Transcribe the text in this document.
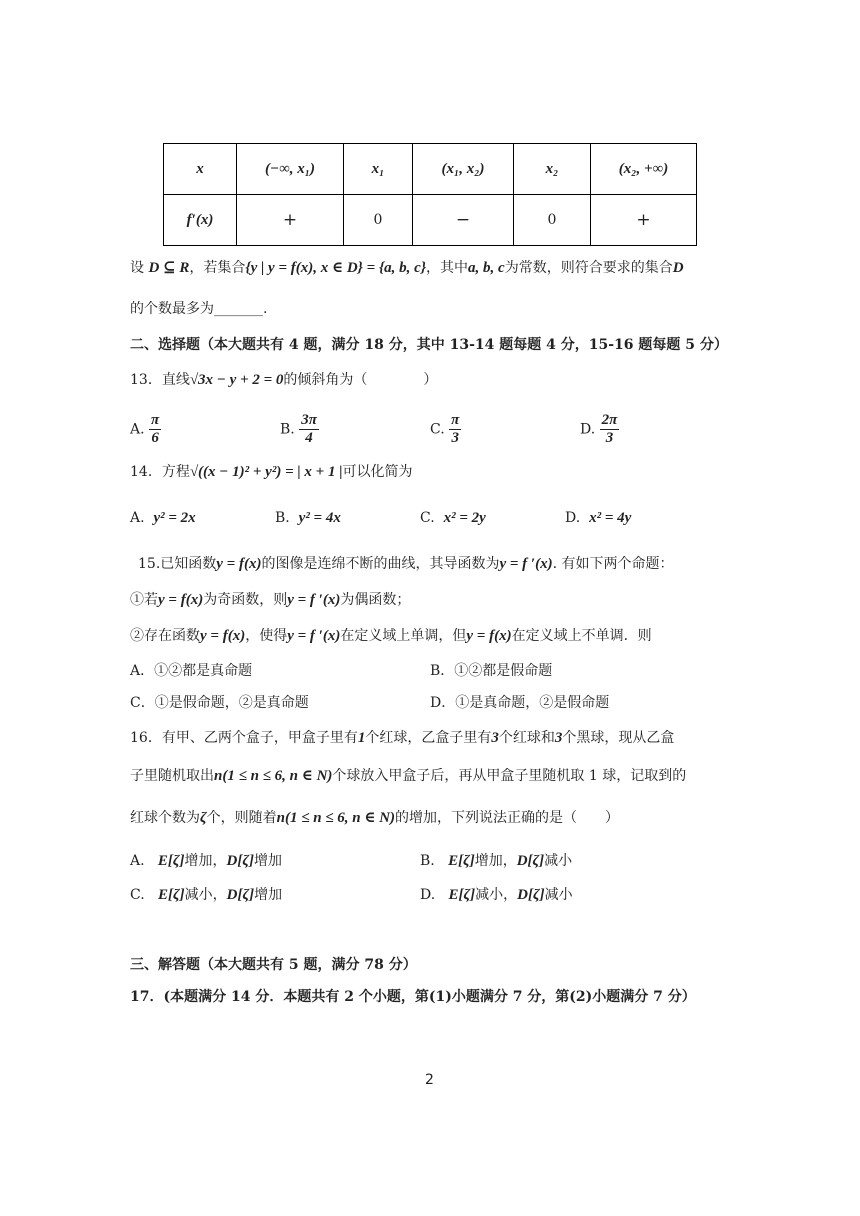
x	(−∞, x₁)	x₁	(x₁, x₂)	x₂	(x₂, +∞)
f′(x)	+	0	−	0	+
设 D ⊆ R，若集合{y | y = f(x), x ∈ D} = {a, b, c}，其中a, b, c为常数，则符合要求的集合D
的个数最多为_______.
二、选择题（本大题共有 4 题，满分 18 分，其中 13-14 题每题 4 分，15-16 题每题 5 分）
13．直线√3x − y + 2 = 0的倾斜角为（　　　　）
A. $\frac{\pi}{6}$	B. $\frac{3\pi}{4}$	C. $\frac{\pi}{3}$	D. $\frac{2\pi}{3}$
14．方程√((x − 1)² + y²) = | x + 1 |可以化简为
A. y² = 2x	B. y² = 4x	C. x² = 2y	D. x² = 4y
15.已知函数y = f(x)的图像是连绵不断的曲线，其导函数为y = f ′(x). 有如下两个命题：
①若y = f(x)为奇函数，则y = f ′(x)为偶函数；
②存在函数y = f(x)，使得y = f ′(x)在定义域上单调，但y = f(x)在定义域上不单调．则
A．①②都是真命题	B．①②都是假命题
C．①是假命题，②是真命题	D．①是真命题，②是假命题
16．有甲、乙两个盒子，甲盒子里有1个红球，乙盒子里有3个红球和3个黑球，现从乙盒
子里随机取出n(1 ≤ n ≤ 6, n ∈ N)个球放入甲盒子后，再从甲盒子里随机取 1 球，记取到的
红球个数为ζ个，则随着n(1 ≤ n ≤ 6, n ∈ N)的增加，下列说法正确的是（　　）
A. E[ζ]增加，D[ζ]增加	B. E[ζ]增加，D[ζ]减小
C. E[ζ]减小，D[ζ]增加	D. E[ζ]减小，D[ζ]减小
三、解答题（本大题共有 5 题，满分 78 分）
17．(本题满分 14 分．本题共有 2 个小题，第(1)小题满分 7 分，第(2)小题满分 7 分）
2
